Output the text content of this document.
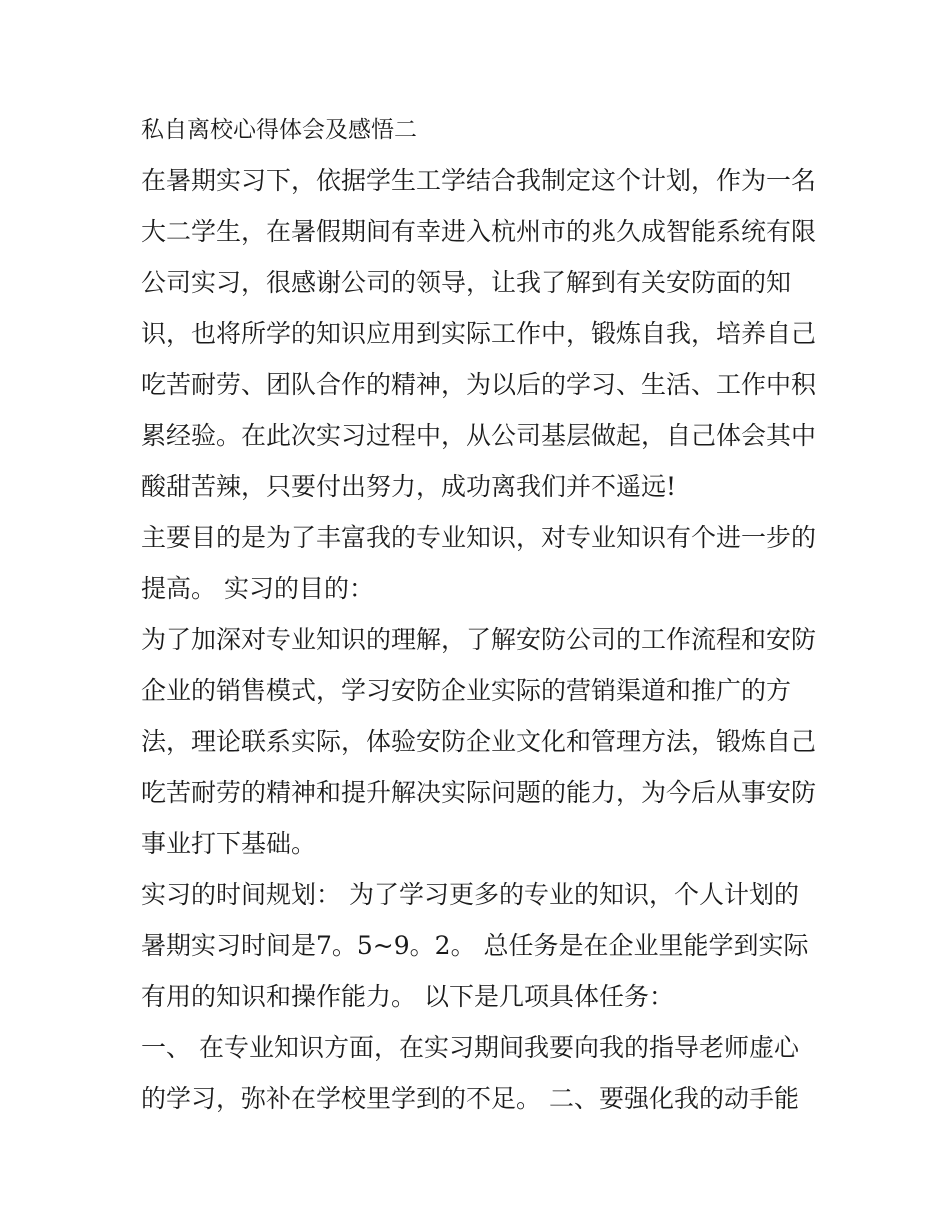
私自离校心得体会及感悟二
在暑期实习下，依据学生工学结合我制定这个计划，作为一名
大二学生，在暑假期间有幸进入杭州市的兆久成智能系统有限
公司实习，很感谢公司的领导，让我了解到有关安防面的知
识，也将所学的知识应用到实际工作中，锻炼自我，培养自己
吃苦耐劳、团队合作的精神，为以后的学习、生活、工作中积
累经验。在此次实习过程中，从公司基层做起，自己体会其中
酸甜苦辣，只要付出努力，成功离我们并不遥远!
主要目的是为了丰富我的专业知识，对专业知识有个进一步的
提高。 实习的目的：
为了加深对专业知识的理解，了解安防公司的工作流程和安防
企业的销售模式，学习安防企业实际的营销渠道和推广的方
法，理论联系实际，体验安防企业文化和管理方法，锻炼自己
吃苦耐劳的精神和提升解决实际问题的能力，为今后从事安防
事业打下基础。
实习的时间规划： 为了学习更多的专业的知识，个人计划的
暑期实习时间是7。5~9。2。 总任务是在企业里能学到实际
有用的知识和操作能力。 以下是几项具体任务：
一、 在专业知识方面，在实习期间我要向我的指导老师虚心
的学习，弥补在学校里学到的不足。 二、要强化我的动手能
